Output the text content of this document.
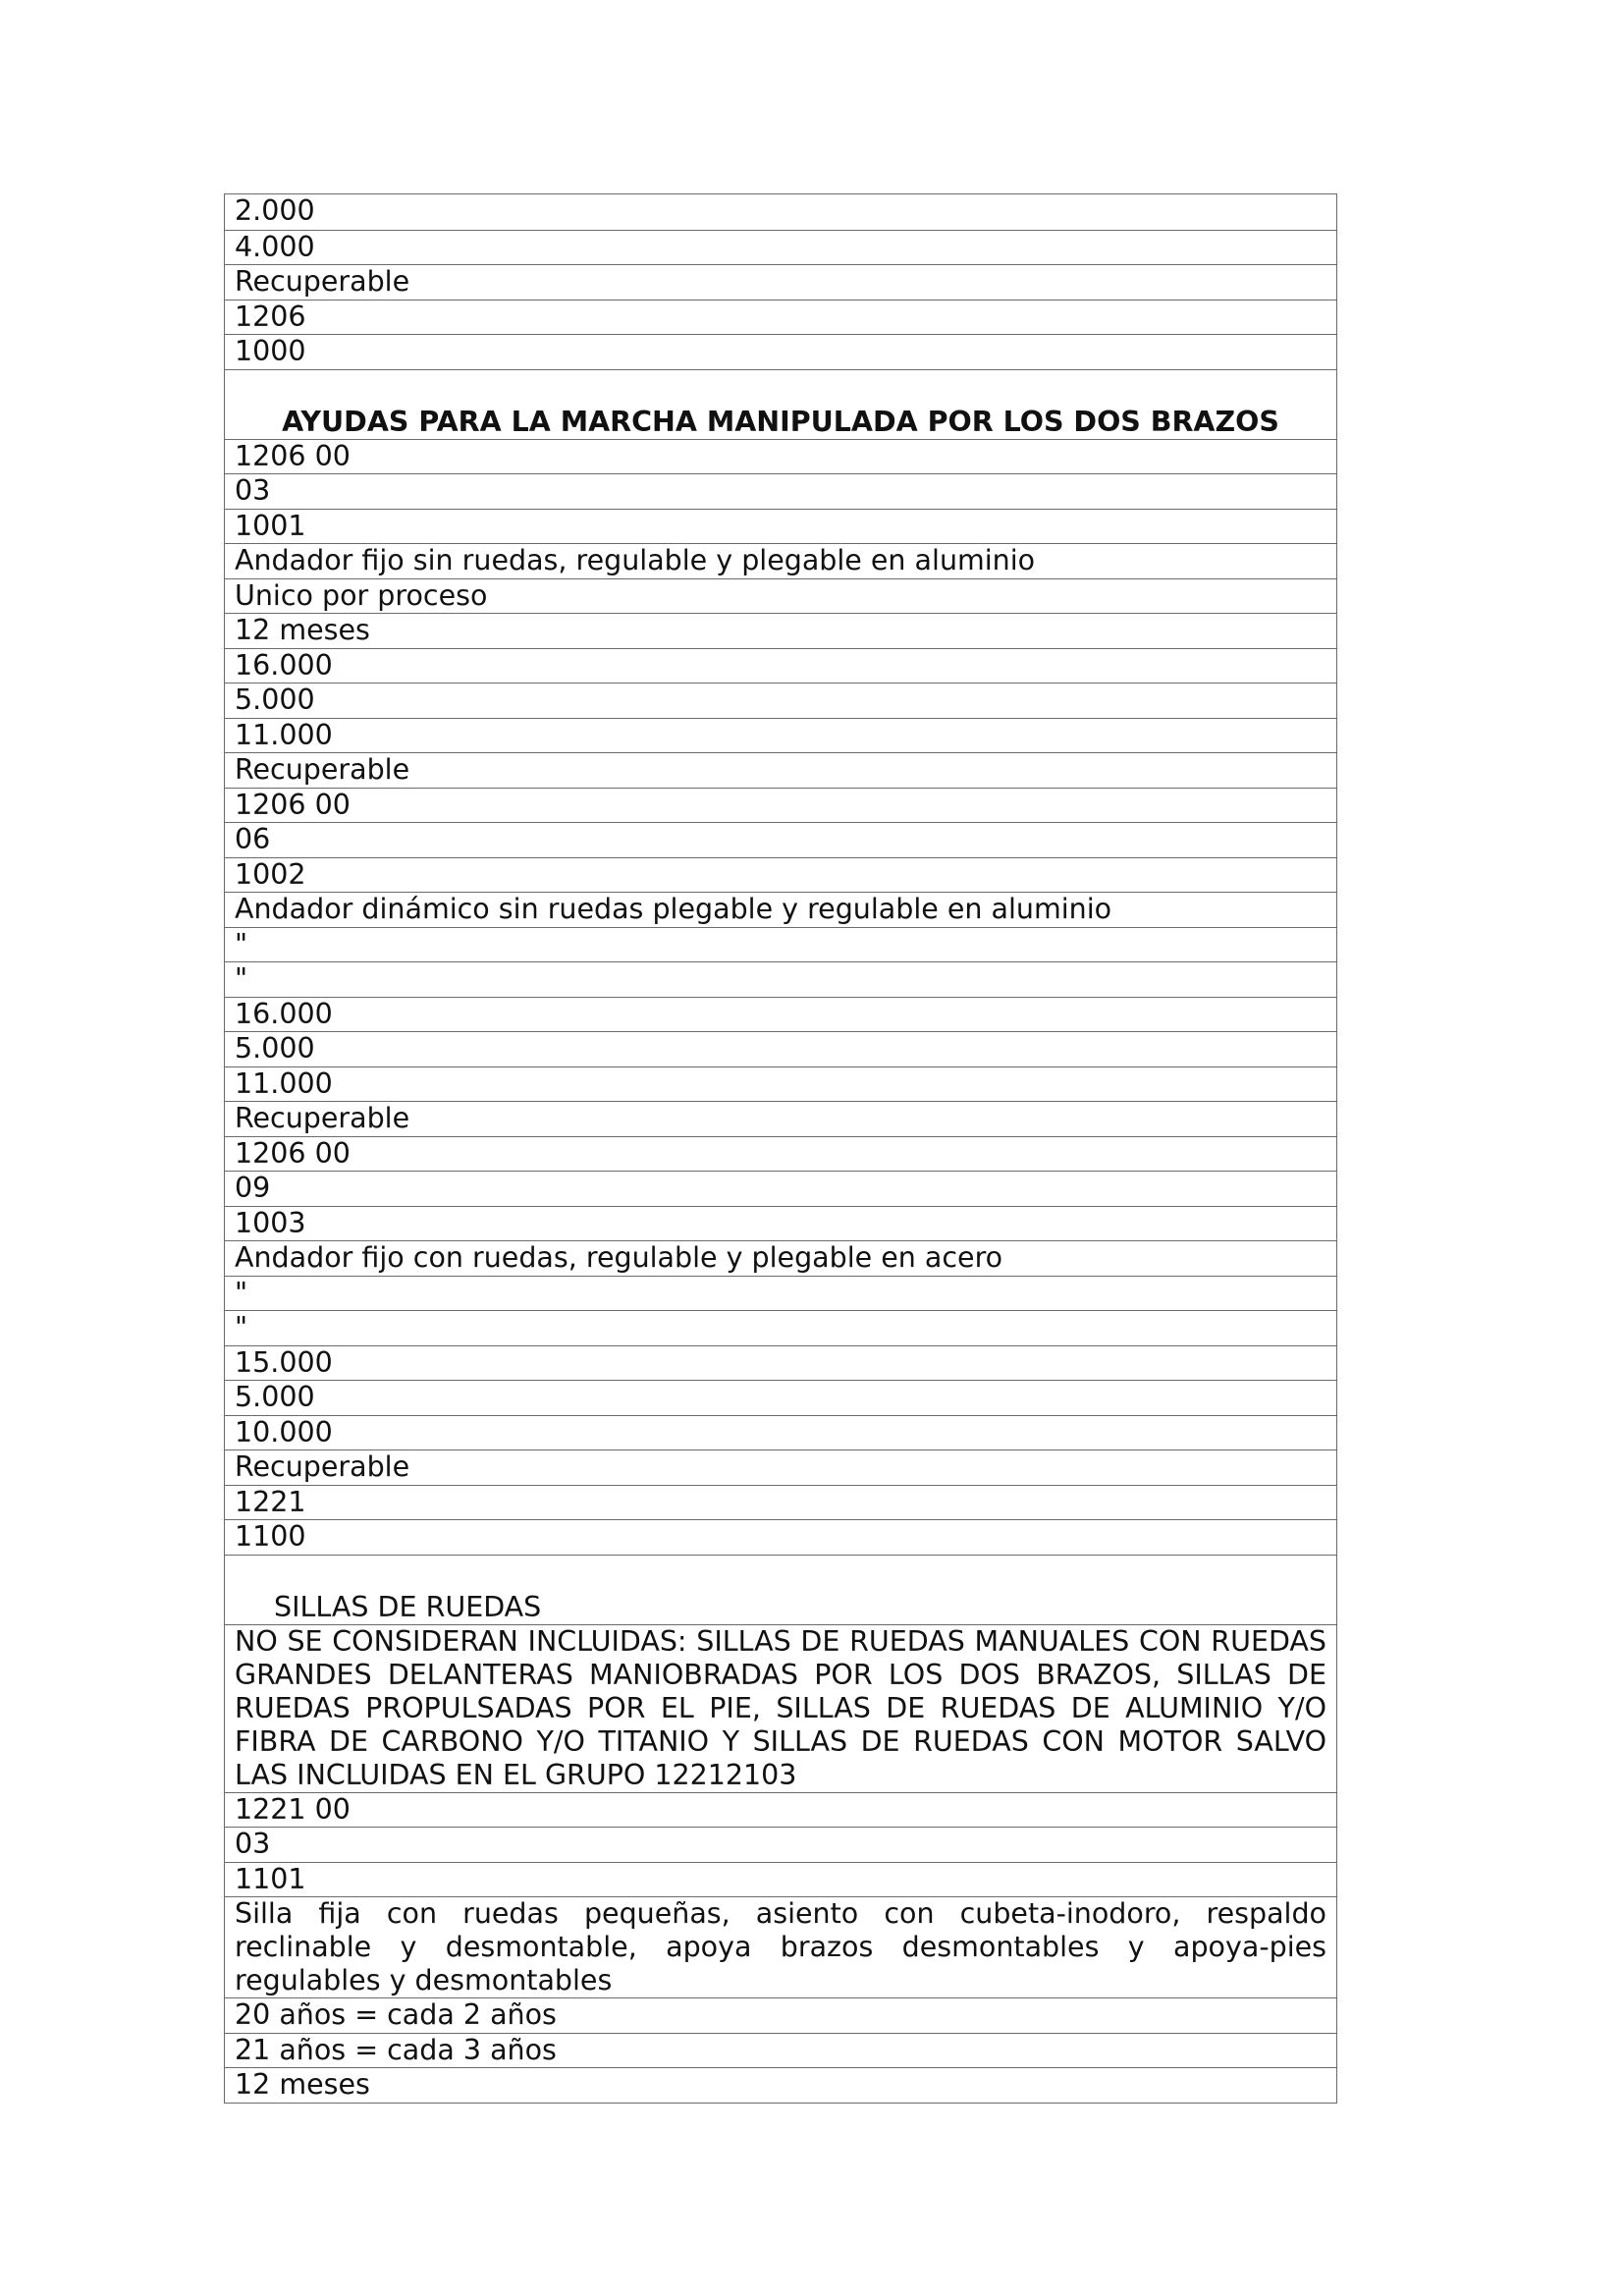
2.000
4.000
Recuperable
1206
1000
AYUDAS PARA LA MARCHA MANIPULADA POR LOS DOS BRAZOS
1206 00
03
1001
Andador fijo sin ruedas, regulable y plegable en aluminio
Unico por proceso
12 meses
16.000
5.000
11.000
Recuperable
1206 00
06
1002
Andador dinámico sin ruedas plegable y regulable en aluminio
"
"
16.000
5.000
11.000
Recuperable
1206 00
09
1003
Andador fijo con ruedas, regulable y plegable en acero
"
"
15.000
5.000
10.000
Recuperable
1221
1100
SILLAS DE RUEDAS
NO SE CONSIDERAN INCLUIDAS: SILLAS DE RUEDAS MANUALES CON RUEDAS GRANDES DELANTERAS MANIOBRADAS POR LOS DOS BRAZOS, SILLAS DE RUEDAS PROPULSADAS POR EL PIE, SILLAS DE RUEDAS DE ALUMINIO Y/O FIBRA DE CARBONO Y/O TITANIO Y SILLAS DE RUEDAS CON MOTOR SALVO LAS INCLUIDAS EN EL GRUPO 12212103
1221 00
03
1101
Silla fija con ruedas pequeñas, asiento con cubeta-inodoro, respaldo reclinable y desmontable, apoya brazos desmontables y apoya-pies regulables y desmontables
20 años = cada 2 años
21 años = cada 3 años
12 meses
